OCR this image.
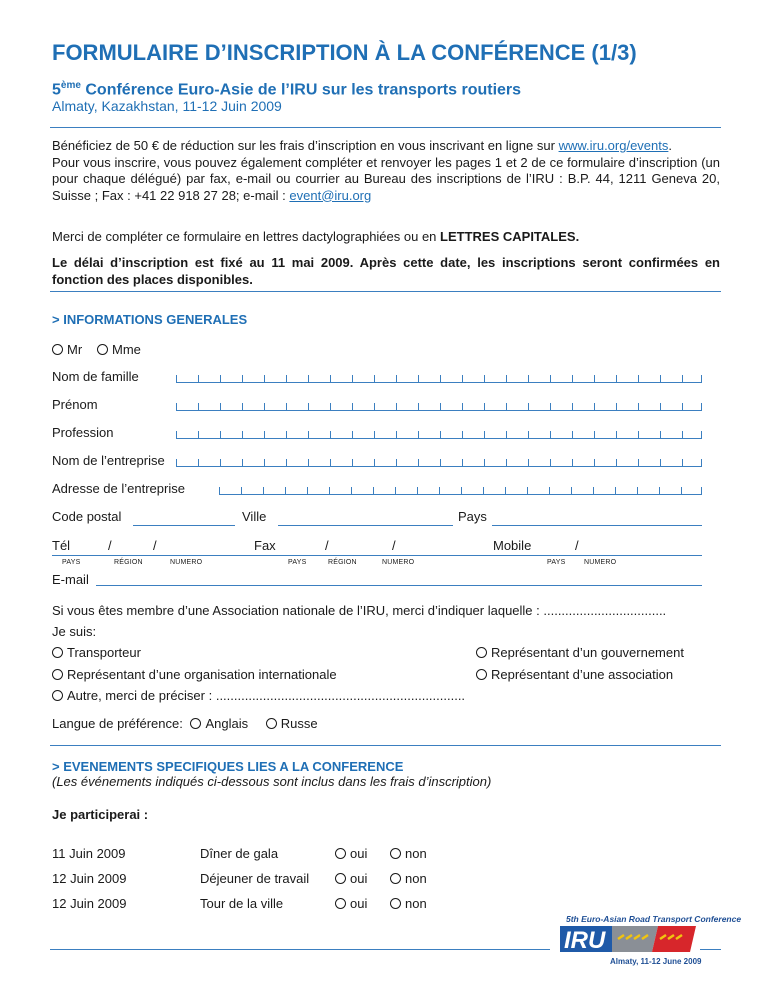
FORMULAIRE D’INSCRIPTION À LA CONFÉRENCE (1/3)
5ème Conférence Euro-Asie de l’IRU sur les transports routiers
Almaty, Kazakhstan, 11-12 Juin 2009
Bénéficiez de 50 € de réduction sur les frais d’inscription en vous inscrivant en ligne sur www.iru.org/events.
Pour vous inscrire, vous pouvez également compléter et renvoyer les pages 1 et 2 de ce formulaire d’inscription (un pour chaque délégué) par fax, e-mail ou courrier au Bureau des inscriptions de l’IRU : B.P. 44, 1211 Geneva 20, Suisse ; Fax : +41 22 918 27 28; e-mail : event@iru.org
Merci de compléter ce formulaire en lettres dactylographiées ou en LETTRES CAPITALES.
Le délai d’inscription est fixé au 11 mai 2009. Après cette date, les inscriptions seront confirmées en fonction des places disponibles.
> INFORMATIONS GENERALES
Mr	Mme
Nom de famille
Prénom
Profession
Nom de l’entreprise
Adresse de l’entreprise
Code postal	Ville	Pays
Tél	/	/
PAYS	RÉGION	NUMERO
Fax	/	/
PAYS	RÉGION	NUMERO
Mobile	/
PAYS	NUMERO
E-mail
Si vous êtes membre d’une Association nationale de l’IRU, merci d’indiquer laquelle : ..................................
Je suis:
Transporteur	Représentant d’un gouvernement
Représentant d’une organisation internationale	Représentant d’une association
Autre, merci de préciser : .....................................................................
Langue de préférence: Anglais	Russe
> EVENEMENTS SPECIFIQUES LIES A LA CONFERENCE
(Les événements indiqués ci-dessous sont inclus dans les frais d’inscription)
Je participerai :
11 Juin 2009	Dîner de gala	oui	non
12 Juin 2009	Déjeuner de travail	oui	non
12 Juin 2009	Tour de la ville	oui	non
5th Euro-Asian Road Transport Conference
IRU
Almaty, 11-12 June 2009
